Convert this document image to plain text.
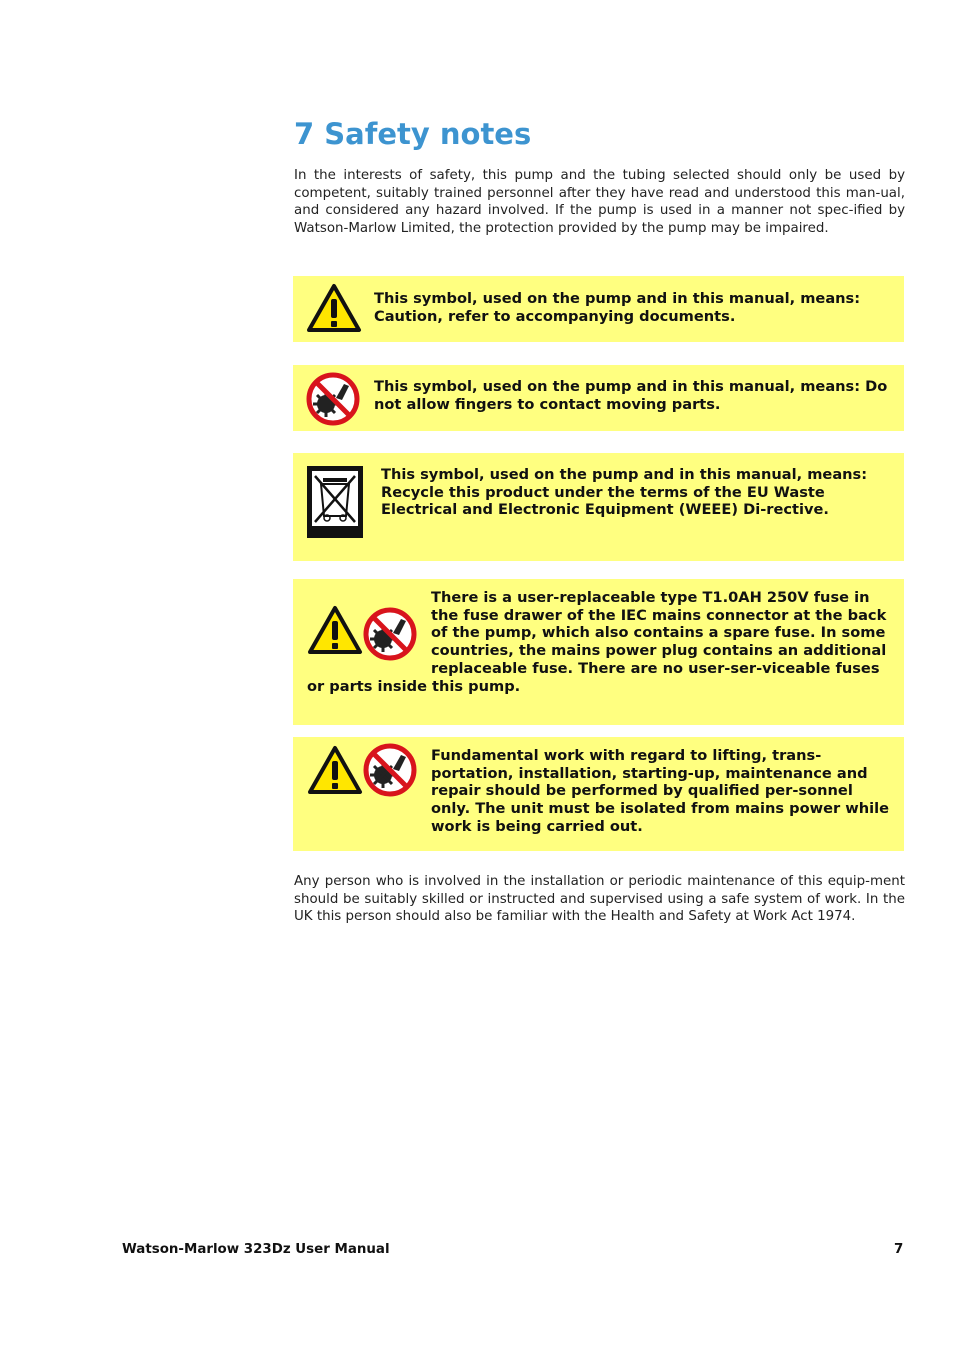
7 Safety notes

In the interests of safety, this pump and the tubing selected should only be used by competent, suitably trained personnel after they have read and understood this man-ual, and considered any hazard involved. If the pump is used in a manner not spec-ified by Watson-Marlow Limited, the protection provided by the pump may be impaired.

This symbol, used on the pump and in this manual, means: Caution, refer to accompanying documents.

This symbol, used on the pump and in this manual, means: Do not allow fingers to contact moving parts.

This symbol, used on the pump and in this manual, means: Recycle this product under the terms of the EU Waste Electrical and Electronic Equipment (WEEE) Di-rective.

There is a user-replaceable type T1.0AH 250V fuse in the fuse drawer of the IEC mains connector at the back of the pump, which also contains a spare fuse. In some countries, the mains power plug contains an additional replaceable fuse. There are no user-ser-viceable fuses or parts inside this pump.
Fundamental work with regard to lifting, trans-portation, installation, starting-up, maintenance and repair should be performed by qualified per-sonnel only. The unit must be isolated from mains power while work is being carried out.

Any person who is involved in the installation or periodic maintenance of this equip-ment should be suitably skilled or instructed and supervised using a safe system of work. In the UK this person should also be familiar with the Health and Safety at Work Act 1974.

Watson-Marlow 323Dz User Manual	7
